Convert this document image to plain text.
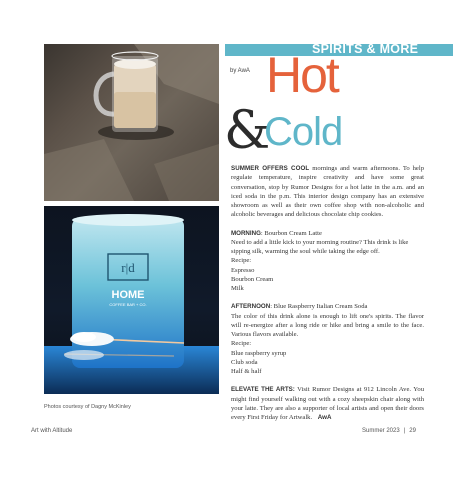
r|d
HOME
COFFEE BAR + CO.
Photos courtesy of Dagny McKinley
SPIRITS & MORE
by AwA Hot
&
Cold

SUMMER OFFERS COOL mornings and warm afternoons. To help regulate temperature, inspire creativity and have some great conversation, stop by Rumor Designs for a hot latte in the a.m. and an iced soda in the p.m. This interior design company has an extensive showroom as well as their own coffee shop with non-alcoholic and alcoholic beverages and delicious chocolate chip cookies.

MORNING: Bourbon Cream Latte

Need to add a little kick to your morning routine? This drink is like sipping silk, warming the soul while taking the edge off.

Recipe:

Espresso

Bourbon Cream

Milk

AFTERNOON: Blue Raspberry Italian Cream Soda

The color of this drink alone is enough to lift one's spirits. The flavor will re-energize after a long ride or hike and bring a smile to the face. Various flavors available.

Recipe:

Blue raspberry syrup

Club soda

Half & half

ELEVATE THE ARTS: Visit Rumor Designs at 912 Lincoln Ave. You might find yourself walking out with a cozy sheepskin chair along with your latte. They are also a supporter of local artists and open their doors every First Friday for Artwalk. AwA

Art with Altitude	Summer 2023 | 29
